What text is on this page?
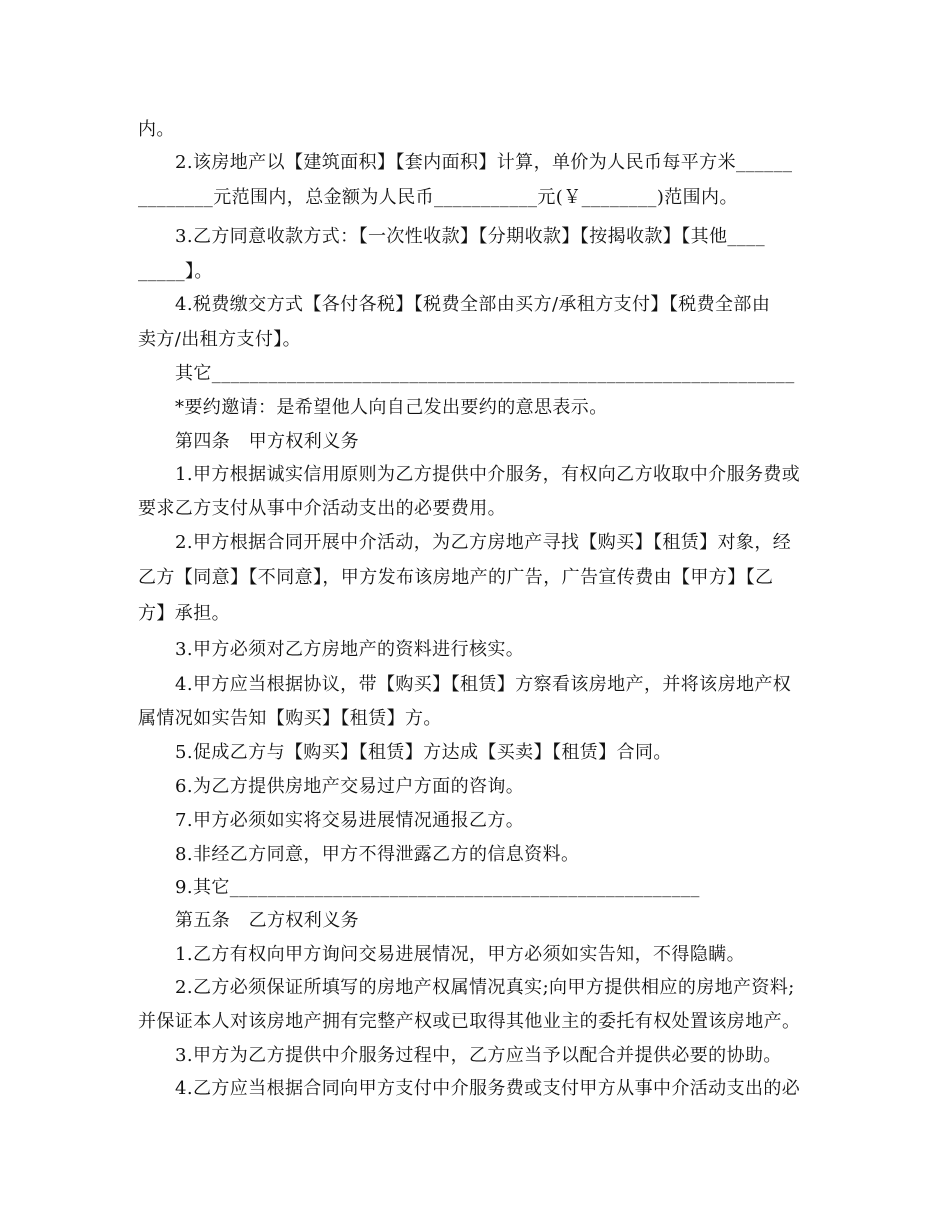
内。
2.该房地产以【建筑面积】【套内面积】计算，单价为人民币每平方米______
________元范围内，总金额为人民币___________元(￥________)范围内。
3.乙方同意收款方式：【一次性收款】【分期收款】【按揭收款】【其他____
_____】。
4.税费缴交方式【各付各税】【税费全部由买方/承租方支付】【税费全部由
卖方/出租方支付】。
其它______________________________________________________________
*要约邀请：是希望他人向自己发出要约的意思表示。
第四条　甲方权利义务
1.甲方根据诚实信用原则为乙方提供中介服务，有权向乙方收取中介服务费或
要求乙方支付从事中介活动支出的必要费用。
2.甲方根据合同开展中介活动，为乙方房地产寻找【购买】【租赁】对象，经
乙方【同意】【不同意】，甲方发布该房地产的广告，广告宣传费由【甲方】【乙
方】承担。
3.甲方必须对乙方房地产的资料进行核实。
4.甲方应当根据协议，带【购买】【租赁】方察看该房地产，并将该房地产权
属情况如实告知【购买】【租赁】方。
5.促成乙方与【购买】【租赁】方达成【买卖】【租赁】合同。
6.为乙方提供房地产交易过户方面的咨询。
7.甲方必须如实将交易进展情况通报乙方。
8.非经乙方同意，甲方不得泄露乙方的信息资料。
9.其它__________________________________________________
第五条　乙方权利义务
1.乙方有权向甲方询问交易进展情况，甲方必须如实告知，不得隐瞒。
2.乙方必须保证所填写的房地产权属情况真实;向甲方提供相应的房地产资料;
并保证本人对该房地产拥有完整产权或已取得其他业主的委托有权处置该房地产。
3.甲方为乙方提供中介服务过程中，乙方应当予以配合并提供必要的协助。
4.乙方应当根据合同向甲方支付中介服务费或支付甲方从事中介活动支出的必
